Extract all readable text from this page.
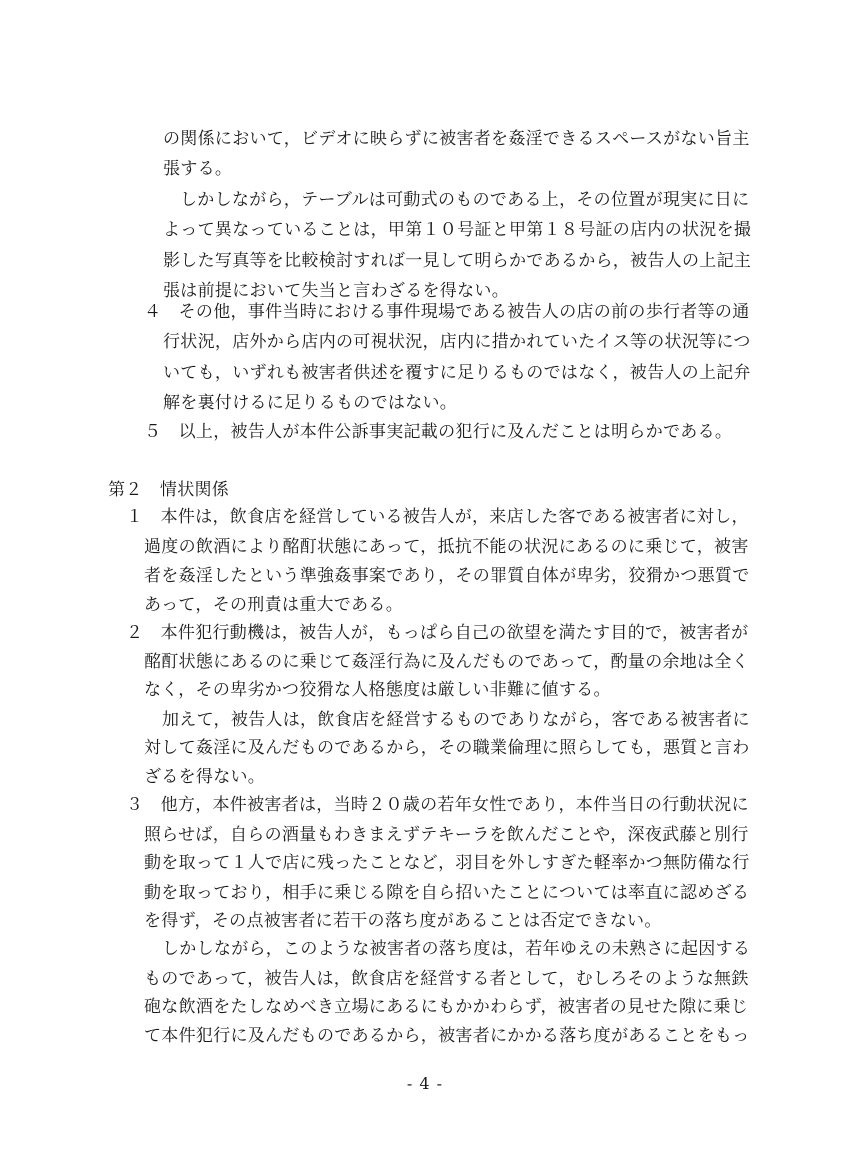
の関係において，ビデオに映らずに被害者を姦淫できるスペースがない旨主
張する。
しかしながら，テーブルは可動式のものである上，その位置が現実に日に
よって異なっていることは，甲第１０号証と甲第１８号証の店内の状況を撮
影した写真等を比較検討すれば一見して明らかであるから，被告人の上記主
張は前提において失当と言わざるを得ない。
４　その他，事件当時における事件現場である被告人の店の前の歩行者等の通
行状況，店外から店内の可視状況，店内に措かれていたイス等の状況等につ
いても，いずれも被害者供述を覆すに足りるものではなく，被告人の上記弁
解を裏付けるに足りるものではない。
５　以上，被告人が本件公訴事実記載の犯行に及んだことは明らかである。
第２　情状関係
１　本件は，飲食店を経営している被告人が，来店した客である被害者に対し，
過度の飲酒により酩酊状態にあって，抵抗不能の状況にあるのに乗じて，被害
者を姦淫したという準強姦事案であり，その罪質自体が卑劣，狡猾かつ悪質で
あって，その刑責は重大である。
２　本件犯行動機は，被告人が，もっぱら自己の欲望を満たす目的で，被害者が
酩酊状態にあるのに乗じて姦淫行為に及んだものであって，酌量の余地は全く
なく，その卑劣かつ狡猾な人格態度は厳しい非難に値する。
加えて，被告人は，飲食店を経営するものでありながら，客である被害者に
対して姦淫に及んだものであるから，その職業倫理に照らしても，悪質と言わ
ざるを得ない。
３　他方，本件被害者は，当時２０歳の若年女性であり，本件当日の行動状況に
照らせば，自らの酒量もわきまえずテキーラを飲んだことや，深夜武藤と別行
動を取って１人で店に残ったことなど，羽目を外しすぎた軽率かつ無防備な行
動を取っており，相手に乗じる隙を自ら招いたことについては率直に認めざる
を得ず，その点被害者に若干の落ち度があることは否定できない。
しかしながら，このような被害者の落ち度は，若年ゆえの未熟さに起因する
ものであって，被告人は，飲食店を経営する者として，むしろそのような無鉄
砲な飲酒をたしなめべき立場にあるにもかかわらず，被害者の見せた隙に乗じ
て本件犯行に及んだものであるから，被害者にかかる落ち度があることをもっ
- 4 -
